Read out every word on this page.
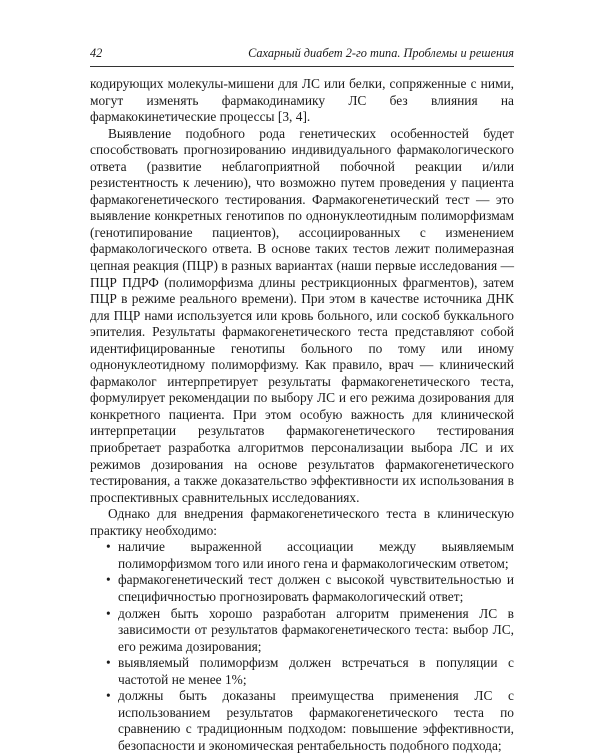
42	Сахарный диабет 2-го типа. Проблемы и решения

кодирующих молекулы-мишени для ЛС или белки, сопряженные с ними, могут изменять фармакодинамику ЛС без влияния на фармакокинетические процессы [3, 4].

Выявление подобного рода генетических особенностей будет способствовать прогнозированию индивидуального фармакологического ответа (развитие неблагоприятной побочной реакции и/или резистентность к лечению), что возможно путем проведения у пациента фармакогенетического тестирования. Фармакогенетический тест — это выявление конкретных генотипов по однонуклеотидным полиморфизмам (генотипирование пациентов), ассоциированных с изменением фармакологического ответа. В основе таких тестов лежит полимеразная цепная реакция (ПЦР) в разных вариантах (наши первые исследования — ПЦР ПДРФ (полиморфизма длины рестрикционных фрагментов), затем ПЦР в режиме реального времени). При этом в качестве источника ДНК для ПЦР нами используется или кровь больного, или соскоб буккального эпителия. Результаты фармакогенетического теста представляют собой идентифицированные генотипы больного по тому или иному однонуклеотидному полиморфизму. Как правило, врач — клинический фармаколог интерпретирует результаты фармакогенетического теста, формулирует рекомендации по выбору ЛС и его режима дозирования для конкретного пациента. При этом особую важность для клинической интерпретации результатов фармакогенетического тестирования приобретает разработка алгоритмов персонализации выбора ЛС и их режимов дозирования на основе результатов фармакогенетического тестирования, а также доказательство эффективности их использования в проспективных сравнительных исследованиях.

Однако для внедрения фармакогенетического теста в клиническую практику необходимо:

• наличие выраженной ассоциации между выявляемым полиморфизмом того или иного гена и фармакологическим ответом;
• фармакогенетический тест должен с высокой чувствительностью и специфичностью прогнозировать фармакологический ответ;
• должен быть хорошо разработан алгоритм применения ЛС в зависимости от результатов фармакогенетического теста: выбор ЛС, его режима дозирования;
• выявляемый полиморфизм должен встречаться в популяции с частотой не менее 1%;
• должны быть доказаны преимущества применения ЛС с использованием результатов фармакогенетического теста по сравнению с традиционным подходом: повышение эффективности, безопасности и экономическая рентабельность подобного подхода;
